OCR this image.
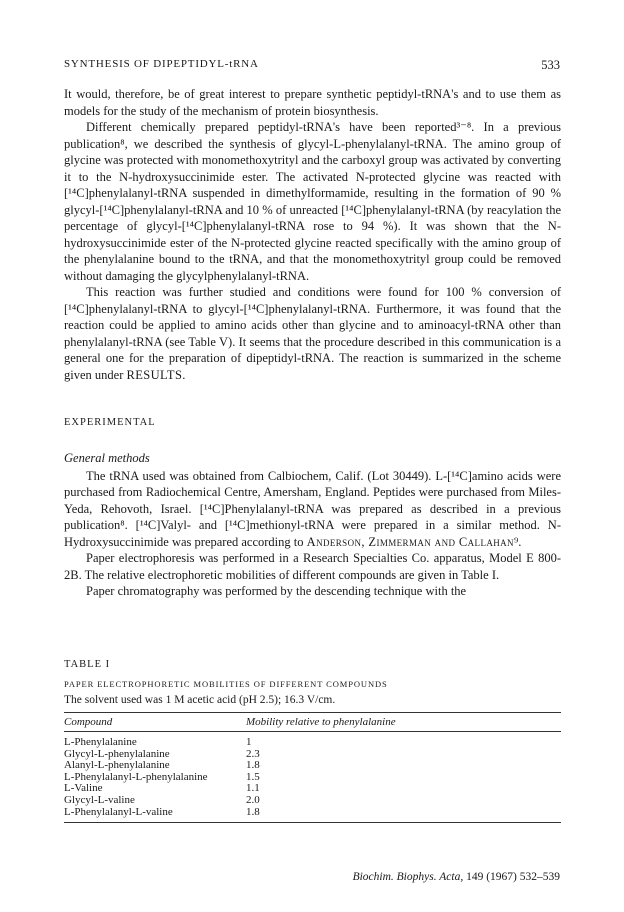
SYNTHESIS OF DIPEPTIDYL-tRNA	533

It would, therefore, be of great interest to prepare synthetic peptidyl-tRNA's and to use them as models for the study of the mechanism of protein biosynthesis.

Different chemically prepared peptidyl-tRNA's have been reported³⁻⁸. In a previous publication⁸, we described the synthesis of glycyl-L-phenylalanyl-tRNA. The amino group of glycine was protected with monomethoxytrityl and the carboxyl group was activated by converting it to the N-hydroxysuccinimide ester. The activated N-protected glycine was reacted with [¹⁴C]phenylalanyl-tRNA suspended in dimethylformamide, resulting in the formation of 90 % glycyl-[¹⁴C]phenylalanyl-tRNA and 10 % of unreacted [¹⁴C]phenylalanyl-tRNA (by reacylation the percentage of glycyl-[¹⁴C]phenylalanyl-tRNA rose to 94 %). It was shown that the N-hydroxysuccinimide ester of the N-protected glycine reacted specifically with the amino group of the phenylalanine bound to the tRNA, and that the monomethoxytrityl group could be removed without damaging the glycylphenylalanyl-tRNA.

This reaction was further studied and conditions were found for 100 % conversion of [¹⁴C]phenylalanyl-tRNA to glycyl-[¹⁴C]phenylalanyl-tRNA. Furthermore, it was found that the reaction could be applied to amino acids other than glycine and to aminoacyl-tRNA other than phenylalanyl-tRNA (see Table V). It seems that the procedure described in this communication is a general one for the preparation of dipeptidyl-tRNA. The reaction is summarized in the scheme given under RESULTS.

EXPERIMENTAL
General methods

The tRNA used was obtained from Calbiochem, Calif. (Lot 30449). L-[¹⁴C]amino acids were purchased from Radiochemical Centre, Amersham, England. Peptides were purchased from Miles-Yeda, Rehovoth, Israel. [¹⁴C]Phenylalanyl-tRNA was prepared as described in a previous publication⁸. [¹⁴C]Valyl- and [¹⁴C]methionyl-tRNA were prepared in a similar method. N-Hydroxysuccinimide was prepared according to Anderson, Zimmerman and Callahan⁹.

Paper electrophoresis was performed in a Research Specialties Co. apparatus, Model E 800-2B. The relative electrophoretic mobilities of different compounds are given in Table I.

Paper chromatography was performed by the descending technique with the

TABLE I
PAPER ELECTROPHORETIC MOBILITIES OF DIFFERENT COMPOUNDS
The solvent used was 1 M acetic acid (pH 2.5); 16.3 V/cm.
Compound	Mobility relative to phenylalanine
L-Phenylalanine	1
Glycyl-L-phenylalanine	2.3
Alanyl-L-phenylalanine	1.8
L-Phenylalanyl-L-phenylalanine	1.5
L-Valine	1.1
Glycyl-L-valine	2.0
L-Phenylalanyl-L-valine	1.8
Biochim. Biophys. Acta, 149 (1967) 532–539
